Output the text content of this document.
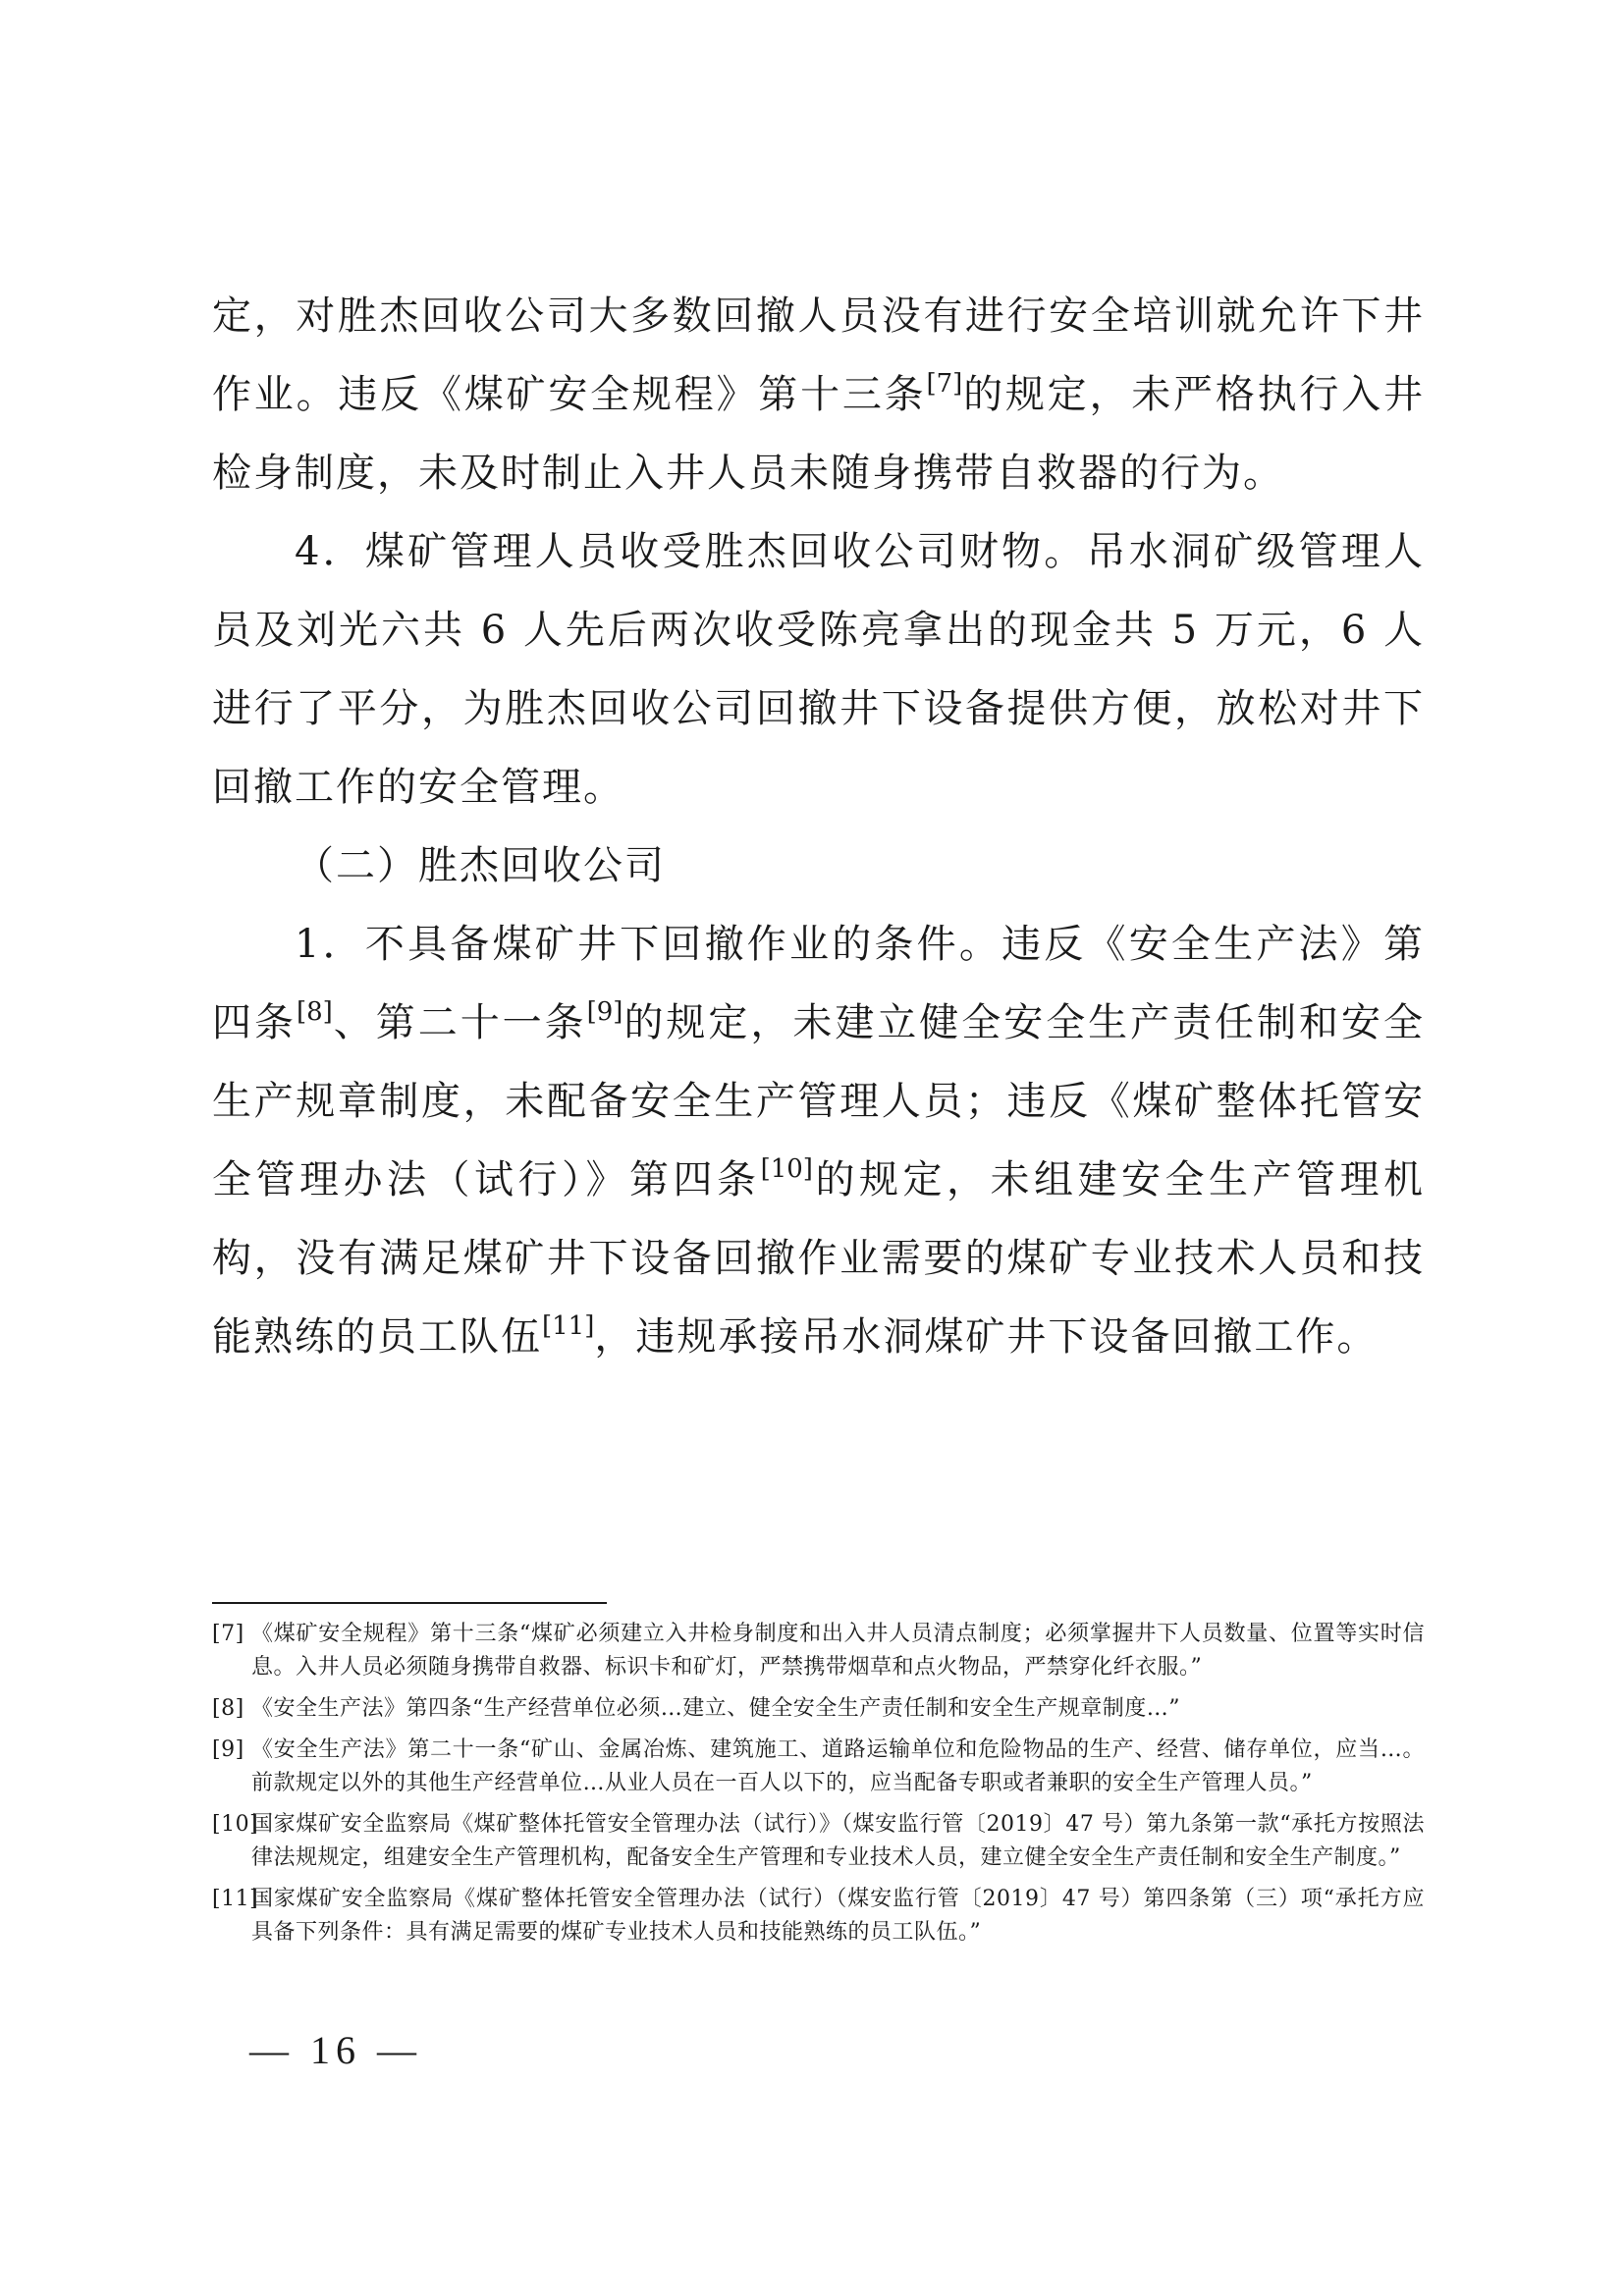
定，对胜杰回收公司大多数回撤人员没有进行安全培训就允许下井作业。违反《煤矿安全规程》第十三条[7]的规定，未严格执行入井检身制度，未及时制止入井人员未随身携带自救器的行为。

4．煤矿管理人员收受胜杰回收公司财物。吊水洞矿级管理人员及刘光六共 6 人先后两次收受陈亮拿出的现金共 5 万元，6 人进行了平分，为胜杰回收公司回撤井下设备提供方便，放松对井下回撤工作的安全管理。

（二）胜杰回收公司

1．不具备煤矿井下回撤作业的条件。违反《安全生产法》第四条[8]、第二十一条[9]的规定，未建立健全安全生产责任制和安全生产规章制度，未配备安全生产管理人员；违反《煤矿整体托管安全管理办法（试行）》第四条[10]的规定，未组建安全生产管理机构，没有满足煤矿井下设备回撤作业需要的煤矿专业技术人员和技能熟练的员工队伍[11]，违规承接吊水洞煤矿井下设备回撤工作。

[7] 《煤矿安全规程》第十三条“煤矿必须建立入井检身制度和出入井人员清点制度；必须掌握井下人员数量、位置等实时信息。入井人员必须随身携带自救器、标识卡和矿灯，严禁携带烟草和点火物品，严禁穿化纤衣服。”
[8] 《安全生产法》第四条“生产经营单位必须…建立、健全安全生产责任制和安全生产规章制度…”
[9] 《安全生产法》第二十一条“矿山、金属冶炼、建筑施工、道路运输单位和危险物品的生产、经营、储存单位，应当…。前款规定以外的其他生产经营单位…从业人员在一百人以下的，应当配备专职或者兼职的安全生产管理人员。”
[10]
国家煤矿安全监察局《煤矿整体托管安全管理办法（试行）》（煤安监行管〔2019〕47 号）第九条第一款“承托方按照法律法规规定，组建安全生产管理机构，配备安全生产管理和专业技术人员，建立健全安全生产责任制和安全生产制度。”
[11]
国家煤矿安全监察局《煤矿整体托管安全管理办法（试行）（煤安监行管〔2019〕47 号）第四条第（三）项“承托方应具备下列条件：具有满足需要的煤矿专业技术人员和技能熟练的员工队伍。”
— 16 —
